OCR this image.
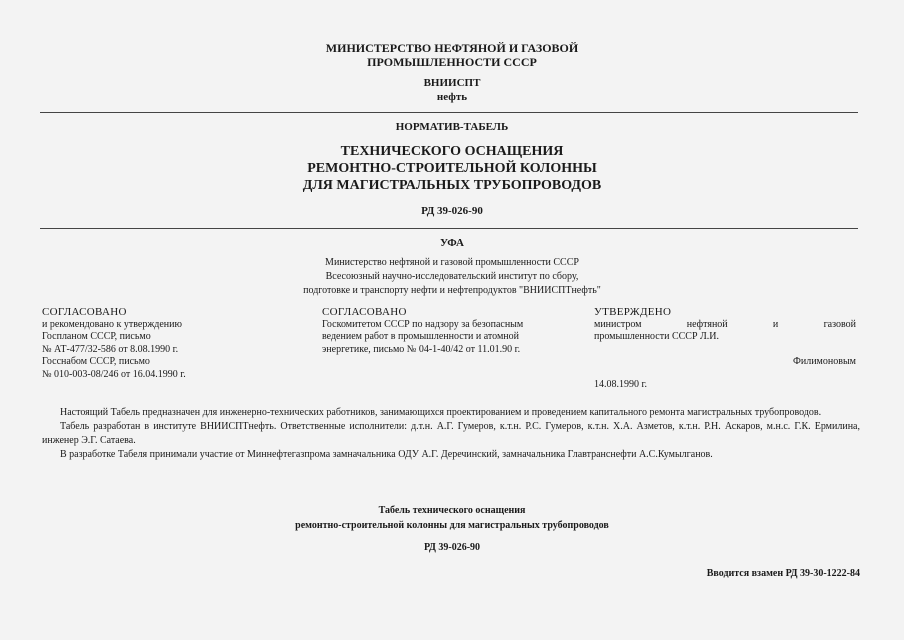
МИНИСТЕРСТВО НЕФТЯНОЙ И ГАЗОВОЙ
ПРОМЫШЛЕННОСТИ СССР
ВНИИСПТ
нефть
НОРМАТИВ-ТАБЕЛЬ
ТЕХНИЧЕСКОГО ОСНАЩЕНИЯ
РЕМОНТНО-СТРОИТЕЛЬНОЙ КОЛОННЫ
ДЛЯ МАГИСТРАЛЬНЫХ ТРУБОПРОВОДОВ
РД 39-026-90
УФА
Министерство нефтяной и газовой промышленности СССР
Всесоюзный научно-исследовательский институт по сбору,
подготовке и транспорту нефти и нефтепродуктов "ВНИИСПТнефть"
СОГЛАСОВАНО
и рекомендовано к утверждению
Госпланом СССР, письмо
№ АТ-477/32-586 от 8.08.1990 г.
Госснабом СССР, письмо
№ 010-003-08/246 от 16.04.1990 г.
СОГЛАСОВАНО
Госкомитетом СССР по надзору за безопасным
ведением работ в промышленности и атомной
энергетике, письмо № 04-1-40/42 от 11.01.90 г.
УТВЕРЖДЕНО
министром нефтяной и газовой
промышленности СССР Л.И.
Филимоновым
14.08.1990 г.

Настоящий Табель предназначен для инженерно-технических работников, занимающихся проектированием и проведением капитального ремонта магистральных трубопроводов.

Табель разработан в институте ВНИИСПТнефть. Ответственные исполнители: д.т.н. А.Г. Гумеров, к.т.н. Р.С. Гумеров, к.т.н. Х.А. Азметов, к.т.н. Р.Н. Аскаров, м.н.с. Г.К. Ермилина, инженер Э.Г. Сатаева.

В разработке Табеля принимали участие от Миннефтегазпрома замначальника ОДУ А.Г. Деречинский, замначальника Главтранснефти А.С.Кумылганов.

Табель технического оснащения
ремонтно-строительной колонны для магистральных трубопроводов
РД 39-026-90
Вводится взамен РД 39-30-1222-84
